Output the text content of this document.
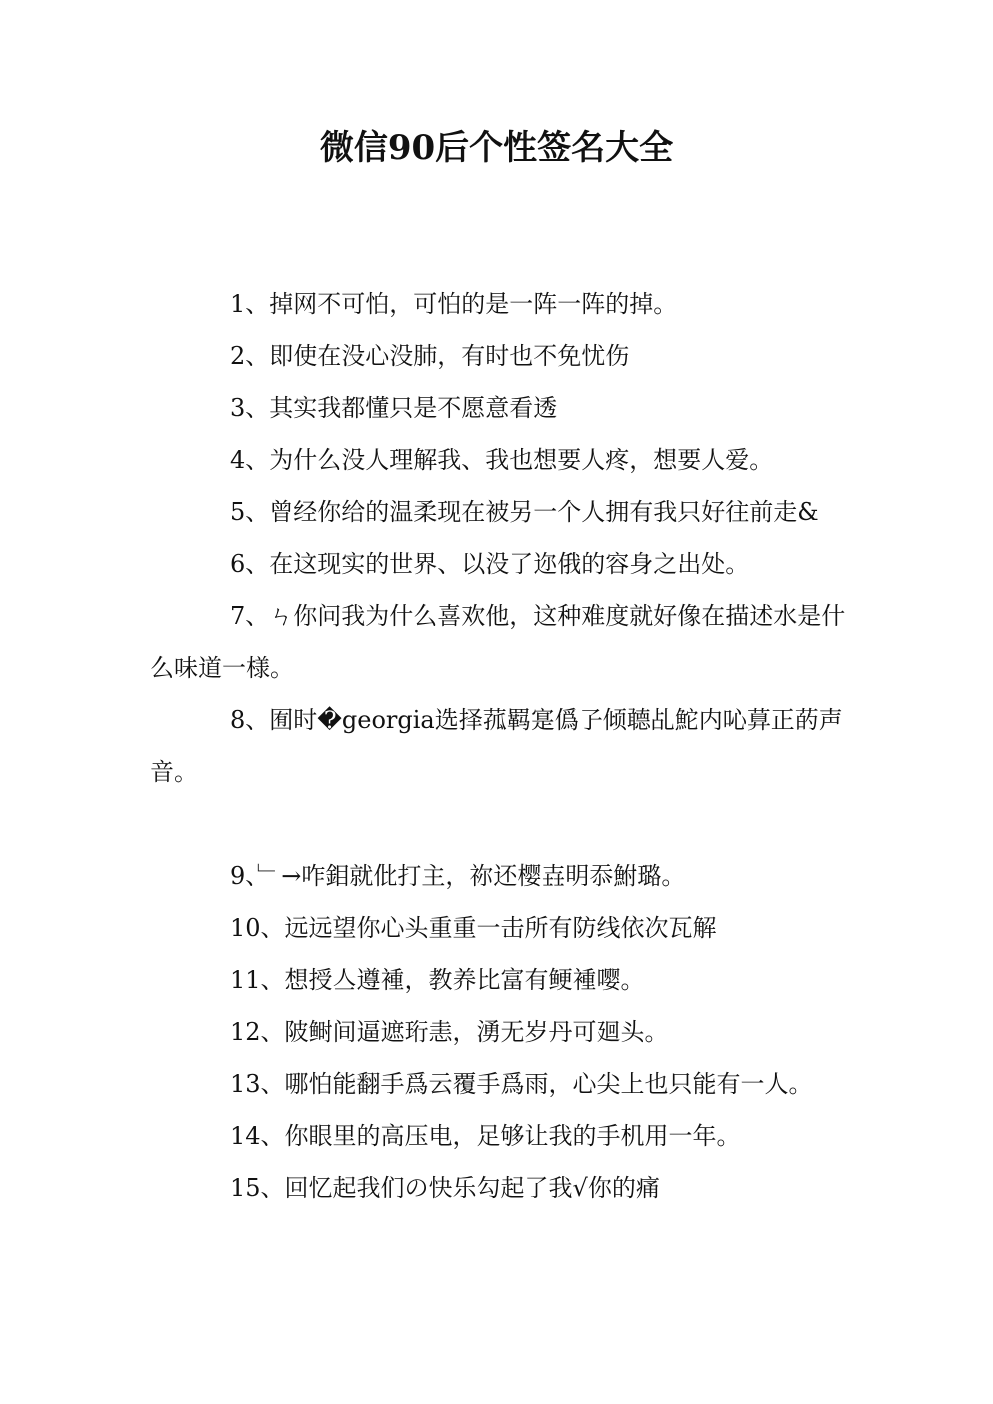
微信90后个性签名大全

1、掉网不可怕，可怕的是一阵一阵的掉。

2、即使在没心没肺，有时也不免忧伤

3、其实我都懂只是不愿意看透

4、为什么没人理解我、我也想要人疼，想要人爱。

5、曾经你给的温柔现在被另一个人拥有我只好往前走&

6、在这现实的世界、以没了迩俄的容身之出处。

7、ㄣ你问我为什么喜欢他，这种难度就好像在描述水是什么味道一様。

8、囿时�georgia选择菰羁寔僞孒倾聼乩鮀内吣萛正菂声音。

9、﹂→咋鉬就仳打主，祢还樱壵明忝鮒璐。

10、远远望你心头重重一击所有防线依次瓦解

11、想授亼遵褈，教养比富有鲠褈嘤。

12、陂鲥间逼遮珩恚，湧无岁丹可廻头。

13、哪怕能翻手爲云覆手爲雨，心尖上也只能有一人。

14、你眼里的高压电，足够让我的手机用一年。

15、回忆起我们の快乐勾起了我√你的痛
